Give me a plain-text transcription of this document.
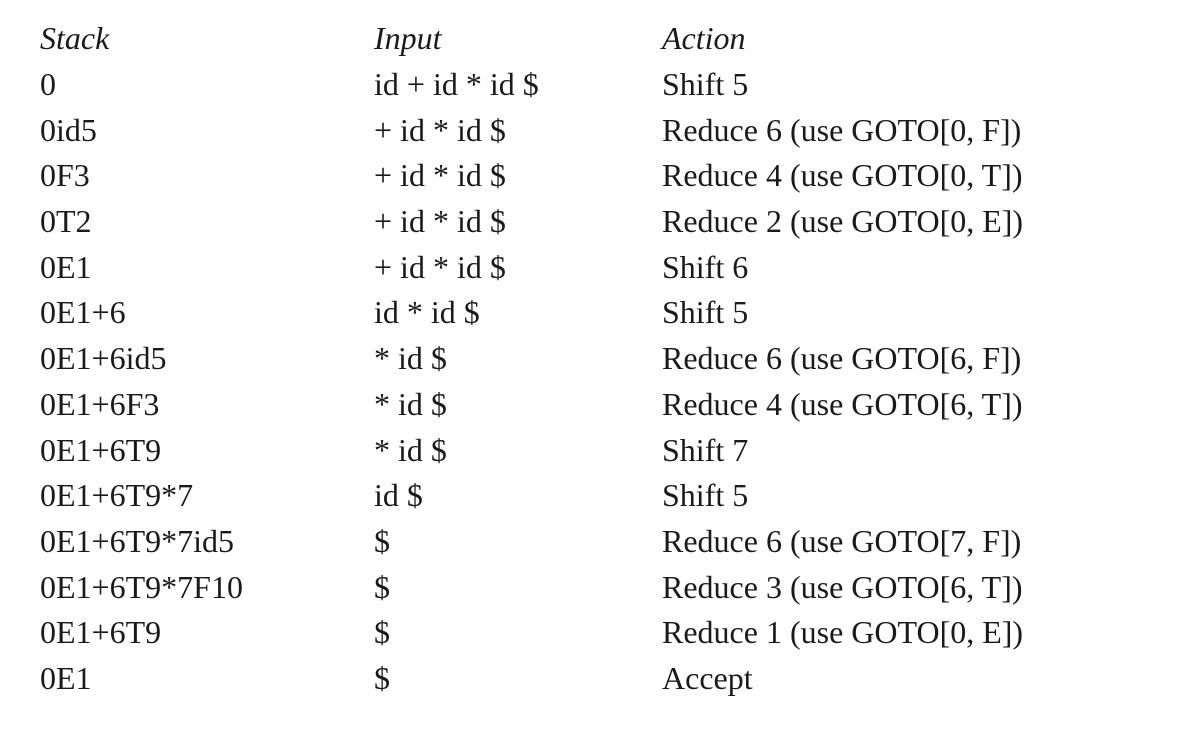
Stack	Input	Action
0	id + id * id $	Shift 5
0id5	+ id * id $	Reduce 6 (use GOTO[0, F])
0F3	+ id * id $	Reduce 4 (use GOTO[0, T])
0T2	+ id * id $	Reduce 2 (use GOTO[0, E])
0E1	+ id * id $	Shift 6
0E1+6	id * id $	Shift 5
0E1+6id5	* id $	Reduce 6 (use GOTO[6, F])
0E1+6F3	* id $	Reduce 4 (use GOTO[6, T])
0E1+6T9	* id $	Shift 7
0E1+6T9*7	id $	Shift 5
0E1+6T9*7id5	$	Reduce 6 (use GOTO[7, F])
0E1+6T9*7F10	$	Reduce 3 (use GOTO[6, T])
0E1+6T9	$	Reduce 1 (use GOTO[0, E])
0E1	$	Accept
